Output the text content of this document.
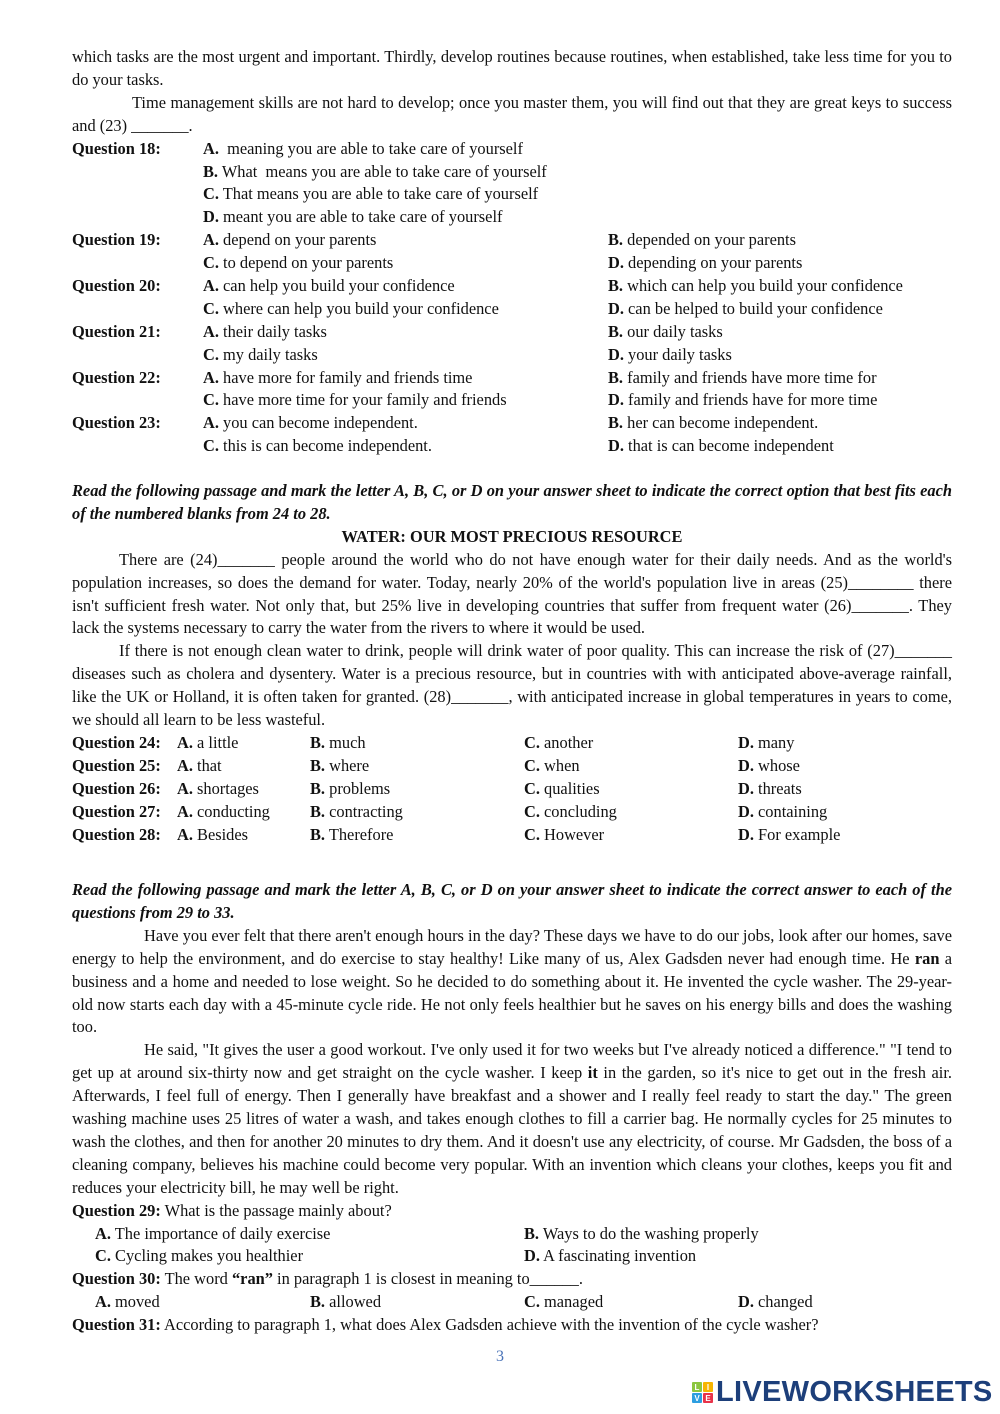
which tasks are the most urgent and important. Thirdly, develop routines because routines, when established, take less time for you to do your tasks.

Time management skills are not hard to develop; once you master them, you will find out that they are great keys to success and (23) _______.

Question 18:	A.  meaning you are able to take care of yourself
B. What  means you are able to take care of yourself
C. That means you are able to take care of yourself
D. meant you are able to take care of yourself
Question 19:	A. depend on your parents	B. depended on your parents
C. to depend on your parents	D. depending on your parents
Question 20:	A. can help you build your confidence	B. which can help you build your confidence
C. where can help you build your confidence	D. can be helped to build your confidence
Question 21:	A. their daily tasks	B. our daily tasks
C. my daily tasks	D. your daily tasks
Question 22:	A. have more for family and friends time	B. family and friends have more time for
C. have more time for your family and friends	D. family and friends have for more time
Question 23:	A. you can become independent.	B. her can become independent.
C. this is can become independent.	D. that is can become independent

Read the following passage and mark the letter A, B, C, or D on your answer sheet to indicate the correct option that best fits each of the numbered blanks from 24 to 28.

WATER: OUR MOST PRECIOUS RESOURCE

There are (24)_______ people around the world who do not have enough water for their daily needs. And as the world's population increases, so does the demand for water. Today, nearly 20% of the world's population live in areas (25)________ there isn't sufficient fresh water. Not only that, but 25% live in developing countries that suffer from frequent water (26)_______. They lack the systems necessary to carry the water from the rivers to where it would be used.

If there is not enough clean water to drink, people will drink water of poor quality. This can increase the risk of (27)_______ diseases such as cholera and dysentery. Water is a precious resource, but in countries with with anticipated above-average rainfall, like the UK or Holland, it is often taken for granted. (28)_______, with anticipated increase in global temperatures in years to come, we should all learn to be less wasteful.

Question 24: A. a little	B. much	C. another	D. many
Question 25: A. that	B. where	C. when	D. whose
Question 26: A. shortages	B. problems	C. qualities	D. threats
Question 27: A. conducting B. contracting	C. concluding	D. containing
Question 28: A. Besides	B. Therefore	C. However	D. For example

Read the following passage and mark the letter A, B, C, or D on your answer sheet to indicate the correct answer to each of the questions from 29 to 33.

Have you ever felt that there aren't enough hours in the day? These days we have to do our jobs, look after our homes, save energy to help the environment, and do exercise to stay healthy! Like many of us, Alex Gadsden never had enough time. He ran a business and a home and needed to lose weight. So he decided to do something about it. He invented the cycle washer. The 29-year-old now starts each day with a 45-minute cycle ride. He not only feels healthier but he saves on his energy bills and does the washing too.

He said, "It gives the user a good workout. I've only used it for two weeks but I've already noticed a difference." "I tend to get up at around six-thirty now and get straight on the cycle washer. I keep it in the garden, so it's nice to get out in the fresh air. Afterwards, I feel full of energy. Then I generally have breakfast and a shower and I really feel ready to start the day." The green washing machine uses 25 litres of water a wash, and takes enough clothes to fill a carrier bag. He normally cycles for 25 minutes to wash the clothes, and then for another 20 minutes to dry them. And it doesn't use any electricity, of course. Mr Gadsden, the boss of a cleaning company, believes his machine could become very popular. With an invention which cleans your clothes, keeps you fit and reduces your electricity bill, he may well be right.

Question 29: What is the passage mainly about?
A. The importance of daily exercise	B. Ways to do the washing properly
C. Cycling makes you healthier	D. A fascinating invention
Question 30: The word “ran” in paragraph 1 is closest in meaning to______.
A. moved	B. allowed	C. managed	D. changed
Question 31: According to paragraph 1, what does Alex Gadsden achieve with the invention of the cycle washer?
3
L I
V E LIVEWORKSHEETS
